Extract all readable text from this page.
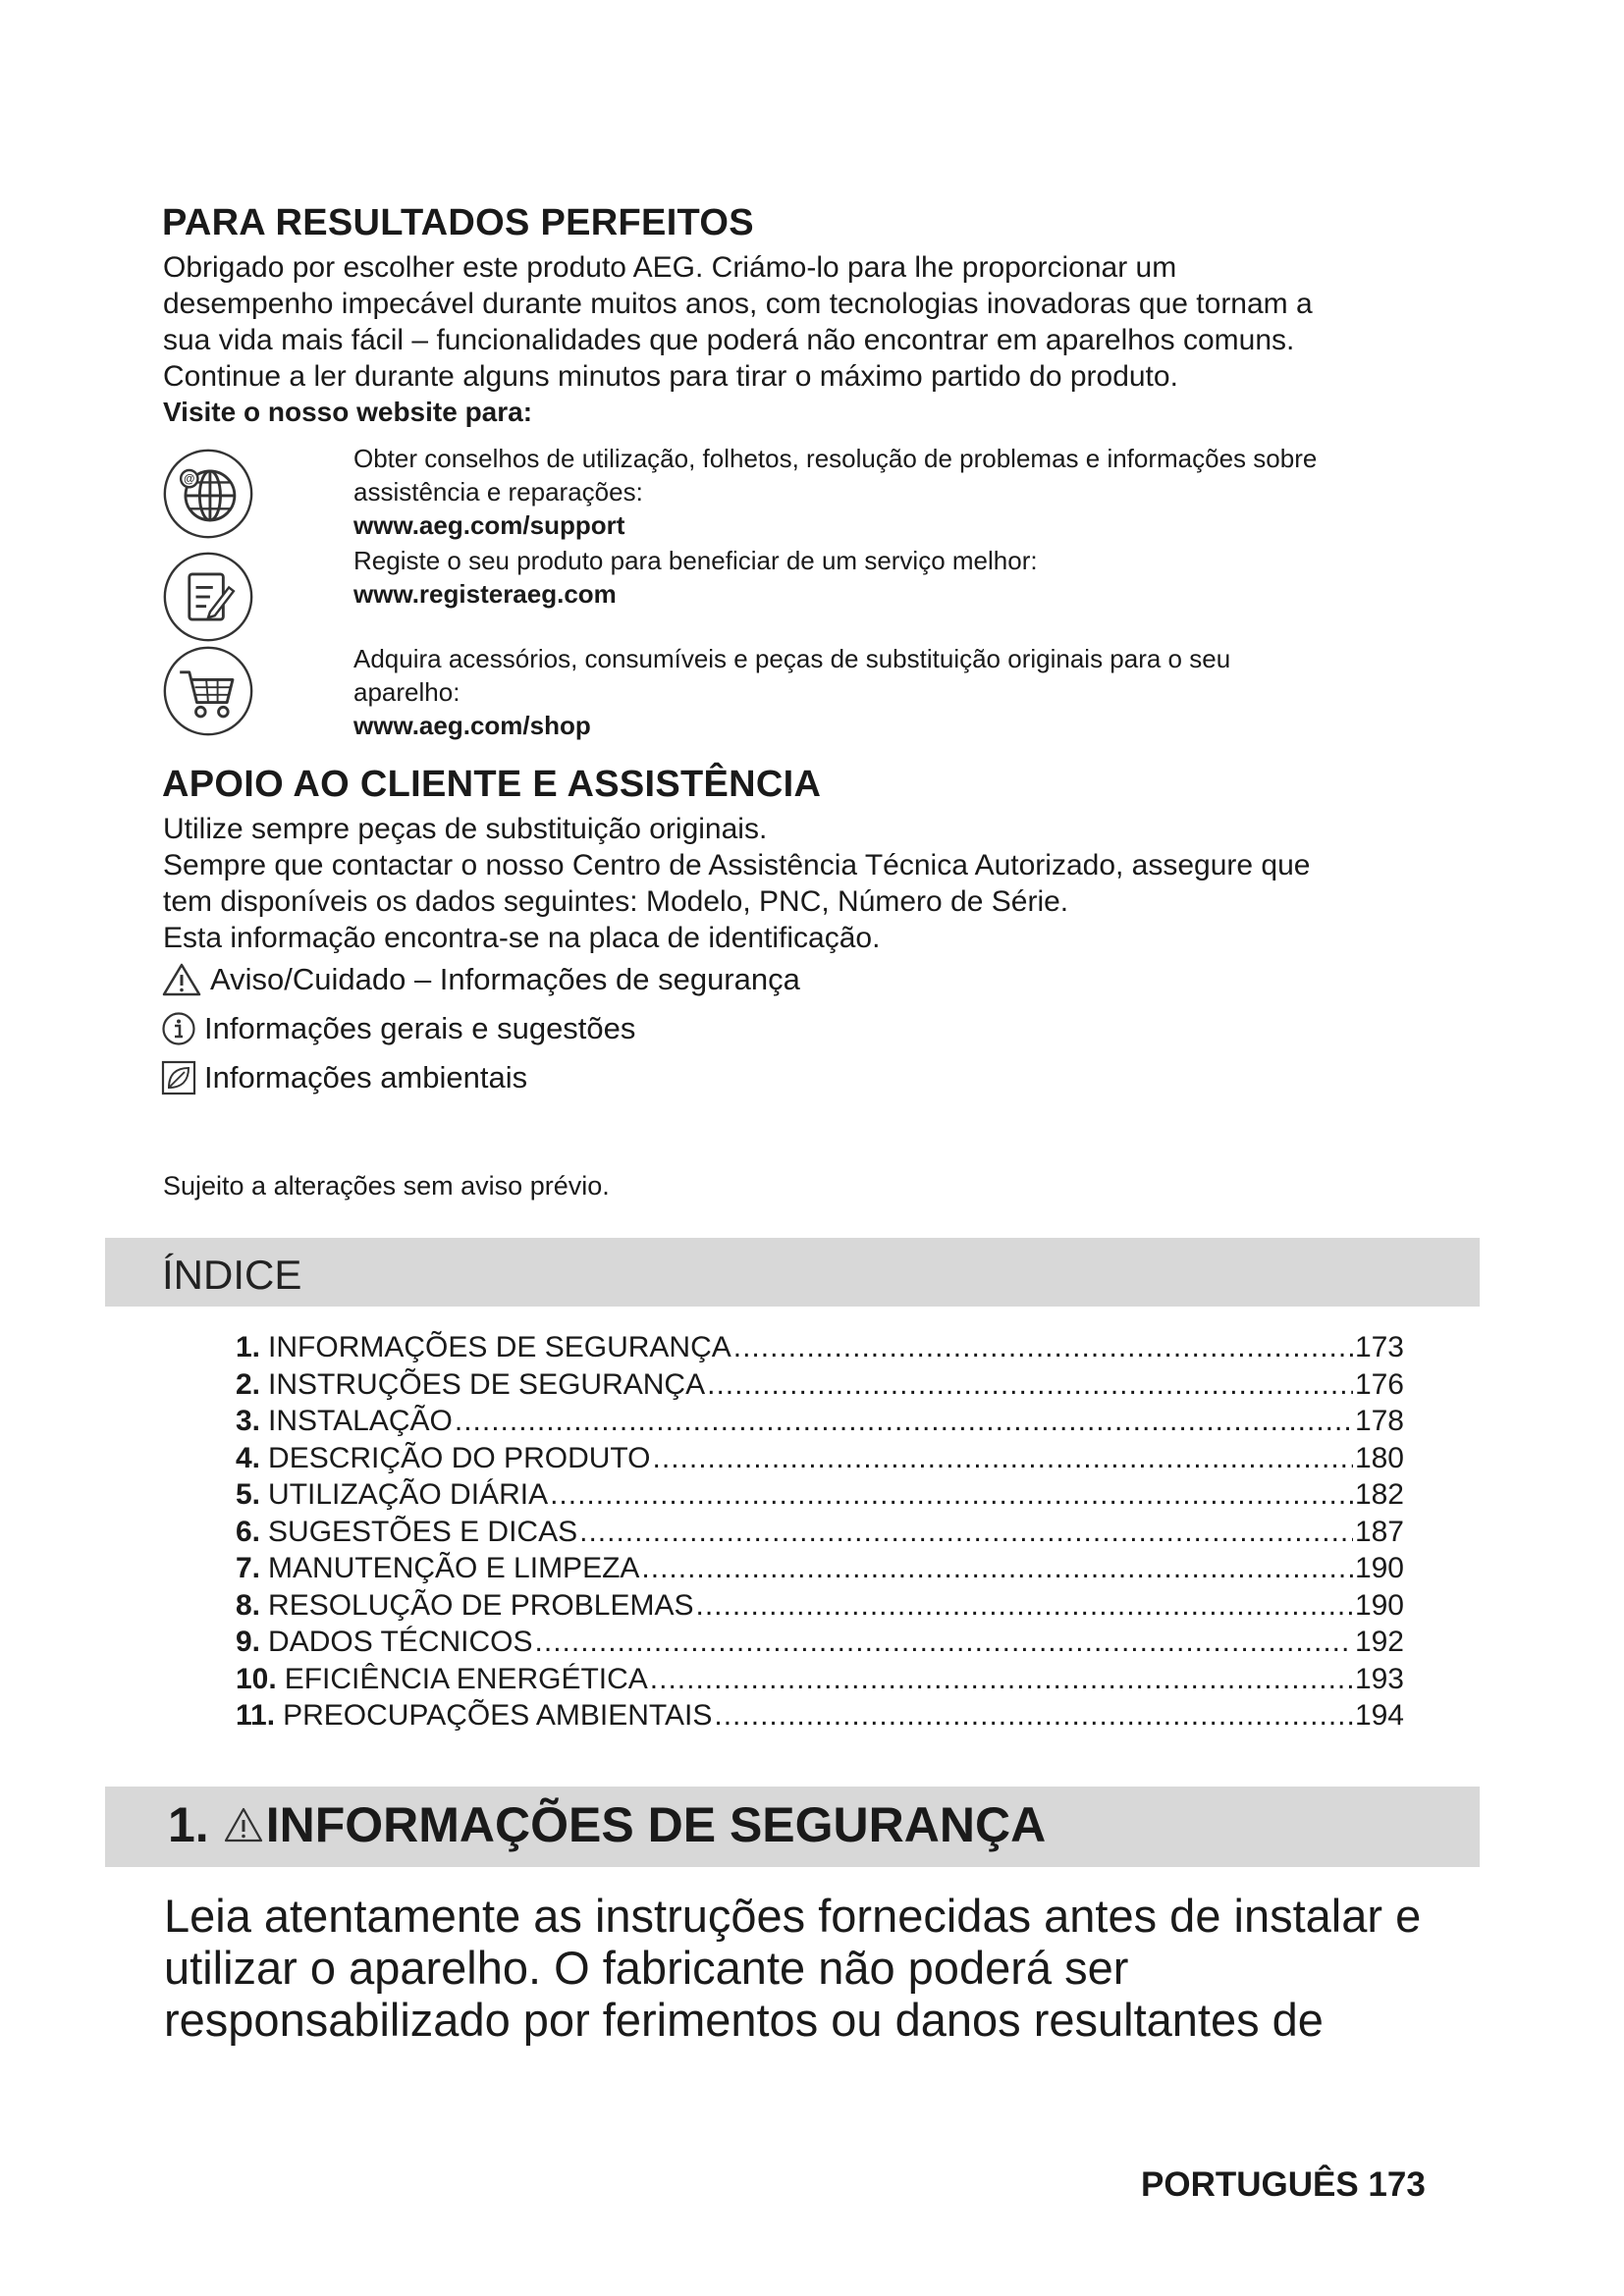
PARA RESULTADOS PERFEITOS

Obrigado por escolher este produto AEG. Criámo-lo para lhe proporcionar um

desempenho impecável durante muitos anos, com tecnologias inovadoras que tornam a

sua vida mais fácil – funcionalidades que poderá não encontrar em aparelhos comuns.

Continue a ler durante alguns minutos para tirar o máximo partido do produto.

Visite o nosso website para:
@
Obter conselhos de utilização, folhetos, resolução de problemas e informações sobre
assistência e reparações:
www.aeg.com/support
Registe o seu produto para beneficiar de um serviço melhor:
www.registeraeg.com
Adquira acessórios, consumíveis e peças de substituição originais para o seu
aparelho:
www.aeg.com/shop
APOIO AO CLIENTE E ASSISTÊNCIA

Utilize sempre peças de substituição originais.

Sempre que contactar o nosso Centro de Assistência Técnica Autorizado, assegure que

tem disponíveis os dados seguintes: Modelo, PNC, Número de Série.

Esta informação encontra-se na placa de identificação.

Aviso/Cuidado – Informações de segurança
Informações gerais e sugestões
Informações ambientais
Sujeito a alterações sem aviso prévio.
ÍNDICE
1. INFORMAÇÕES DE SEGURANÇA .....	173
2. INSTRUÇÕES DE SEGURANÇA .....	176
3. INSTALAÇÃO .....	178
4. DESCRIÇÃO DO PRODUTO .....	180
5. UTILIZAÇÃO DIÁRIA .....	182
6. SUGESTÕES E DICAS .....	187
7. MANUTENÇÃO E LIMPEZA .....	190
8. RESOLUÇÃO DE PROBLEMAS .....	190
9. DADOS TÉCNICOS .....	192
10. EFICIÊNCIA ENERGÉTICA .....	193
11. PREOCUPAÇÕES AMBIENTAIS .....	194
1. INFORMAÇÕES DE SEGURANÇA
Leia atentamente as instruções fornecidas antes de instalar e
utilizar o aparelho. O fabricante não poderá ser
responsabilizado por ferimentos ou danos resultantes de
PORTUGUÊS 173
